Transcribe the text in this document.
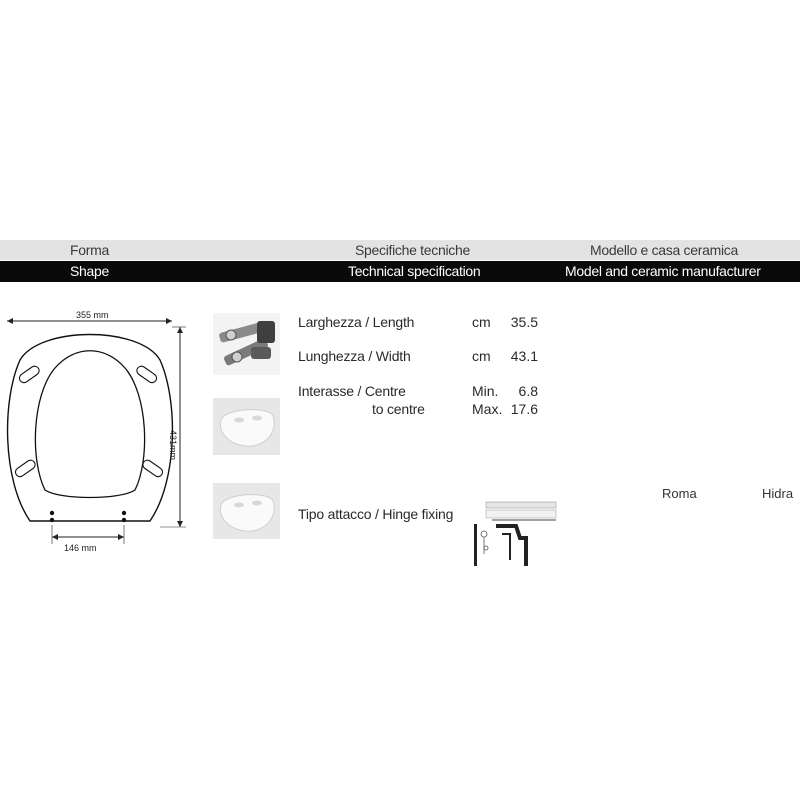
Forma	Specifiche tecniche	Modello e casa ceramica
Shape	Technical specification	Model and ceramic manufacturer
355 mm
431mm
146 mm
Larghezza / Length	cm	35.5
Lunghezza / Width	cm	43.1
Interasse / Centre
to centre
Min.	6.8
Max. 17.6
Tipo attacco / Hinge fixing
Roma	Hidra
